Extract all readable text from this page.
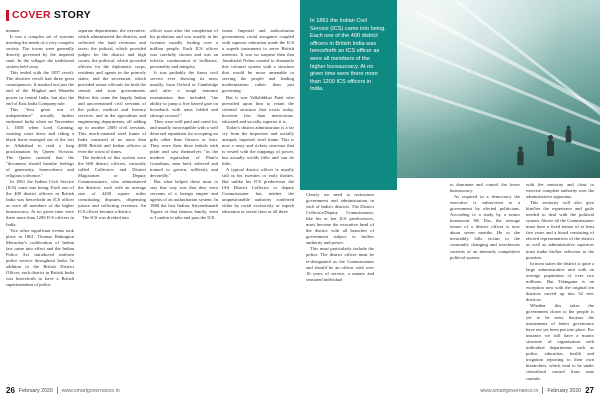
COVER STORY

manner.

It was a complex set of systems meeting the needs of a very complex society. The towns were generally directly governed by the imperial state. In the villages the traditional system held sway.

This ended with the 1857 revolt. The abortive revolt had three great consequences. It marked not just the end of the Mughal and Maratha power in central India, but also the end of East India Company rule.

This "first great war of independence" actually further endeared India when on November 1, 1858 when Lord Canning, wearing court dress and riding a black horse emerged out of the fort in Allahabad to read a long proclamation by Queen Victoria. The Queen insisted that the "document should breathe feelings of generosity, benevolence and religious tolerance."

In 1861 the Indian Civil Service (ICS) came into being. Each one of the 400 district officers in British India was henceforth an ICS officer as were all members of the higher bureaucracy. At no given time were there more than 1200 ICS officers in India.

Two other significant events took place in 1861. Thomas Babington Macaulay's codification of Indian law came into effect and the Indian Police Act introduced uniform police service throughout India. In addition to the British District Officer, each district in British India was henceforth to have a British superintendent of police.

separate departments: the executive, which administered the districts, and collected the land revenues and taxes; the judicial, which provided judges for the district and high courts; the political, which provided officers for the diplomatic corps, residents and agents in the princely states; and the secretariat, which provided senior officials for both the central and state governments. Below this came the largely Indian and uncovenanted civil servants of the police, medical and forestry services, and in the agriculture and engineering departments, all adding up to another 2000 civil servants. This much-vaunted steel frame of India consisted of no more than 4000 British and Indian officers at even the worst of times.

The bedrock of this system were the 600 district officers, variously called Collectors and District Magistrates or Deputy Commissioners, who administered the districts, each with an average size of 4430 square miles constituting disputes, dispensing justice and collecting revenues. An ICS officer became a district

The ICS was divided into

officer soon after the completion of his probation and was usually in his twenties usually lording over a million people. Each ICS officer was carefully chosen and was an eclectic combination of brilliance, personality and integrity.

It was probably the finest civil service ever drawing its men, usually, from Oxford or Cambridge and after a tough entrance examination that included "the ability to jump a five barred gate on horseback with arms folded and stirrups crossed."

They were well paid and cared for, and usually incorruptible with a well deserved reputation for accepting no gifts other than flowers or fruit. They wore their three initials with pride and saw themselves "as the modern equivalent of Plato's Guardians, men bred, selected and trained to govern, selflessly and devotedly."

But what helped these most to stay that way was that they were servants of a foreign empire and agents of an authoritarian system. In 1868 the first Indian, Satyendranath Tagore of that famous family, went to London to take and pass the ICS

exam. Imperial and authoritarian government, racial arrogance coupled with superior education made the ICS a superb instrument to serve British interests. It was no surprise then that Jawaharlal Nehru wanted to dismantle this colonial system with a structure that would be more amenable to serving the people and leading modernization rather than just governing.

But it was Vallabhbhai Patel who prevailed upon him to retain the colonial structure that exists today, however less than meritorious, educated and socially superior it is.

Today's district administrator is a far cry from the imperious and socially unequal, imperial, steel frame. This is now a rusty and rickety structure that is vested with the trappings of power, but actually wields little and can do little.

A typical district officer is usually still in his twenties or early thirties. But unlike his ICS predecessor the IAS District Collector or deputy Commissioner has neither the unquestionable authority conferred either by racial exclusivity or superb education or social class or all three

26 February 2020 www.smartgovernance.in
In 1861 the Indian Civil Service (ICS) came into being. Each one of the 400 district officers in British India was henceforth an ICS officer as were all members of the higher bureaucracy. At no given time were there more than 1200 ICS officers in India.

to dominate and control the lower bureaucracy.

As required in a democracy the executive is subservient to a government by elected politicians. According to a study by a senior bureaucrat SK Das, the average tenure of a district officer is now about seven months. He or she invariably falls victim to the constantly changing and treacherous currents of an intensely competitive political system.

Clearly we need to restructure government and administration in each of India's districts. The District Collector/Deputy Commissioner, like his or her ICS predecessors, must become the executive head of the district with all branches of government subject to his/her authority and power.

This must particularly include the police. The district officer must be re-designated as the Commissioner and should be an officer with over 16 years of service, a mature and seasoned individual

with the seniority and clout to exercise complete authority over the administrative apparatus.

This seniority will also give him/her the experience and guile needed to deal with the political system. Above all the Commissioner must have a fixed tenure of at least five years and a board consisting of elected representatives of the district as well as administrative superiors must make his/her selection to the position.

In most states the district is quite a large administrative unit with an average population of over two millions. But Telangana is an exception now with the original ten districts carved up into 32 new districts.

Whether this takes the government closer to the people is yet to be seen, because the instruments of better governance have not yet been put into place. For instance we still have a matrix structure of organisation with individual departments such as police, education, health and irrigation reporting to their own hierarchies, which tend to be under centralised control from state capitals.

www.smartgovernance.in February 2020 27
